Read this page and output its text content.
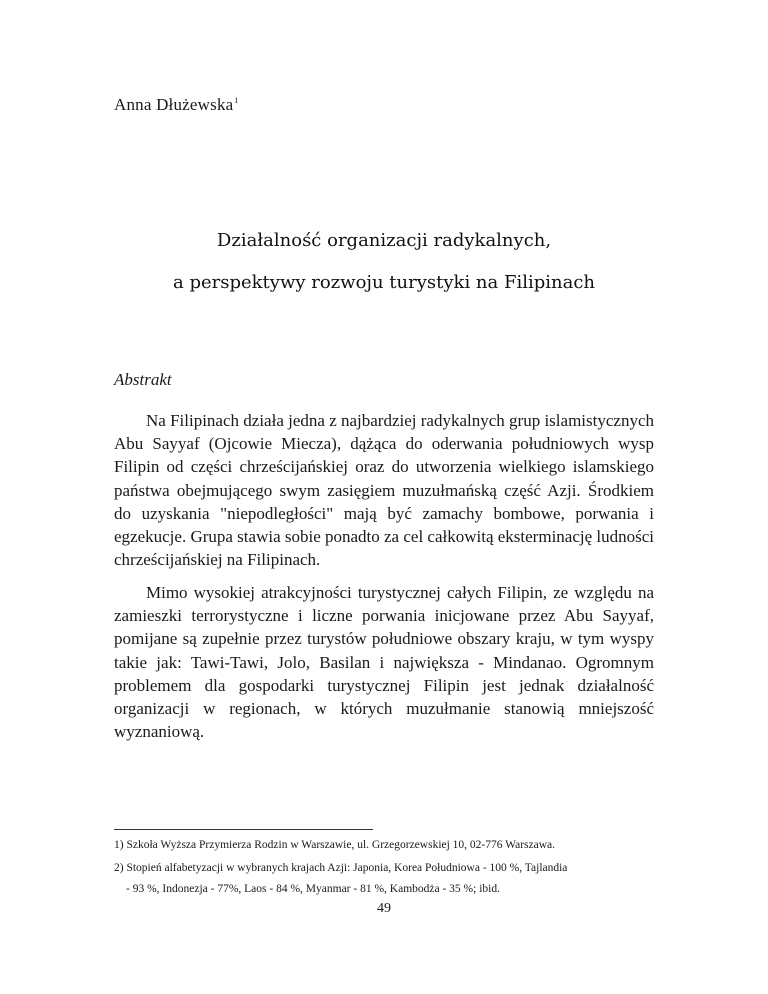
Anna Dłużewska$^1$
Działalność organizacji radykalnych,
a perspektywy rozwoju turystyki na Filipinach
Abstrakt

Na Filipinach działa jedna z najbardziej radykalnych grup islamistycznych Abu Sayyaf (Ojcowie Miecza), dążąca do oderwania południowych wysp Filipin od części chrześcijańskiej oraz do utworzenia wielkiego islamskiego państwa obejmującego swym zasięgiem muzułmańską część Azji. Środkiem do uzyskania "niepodległości" mają być zamachy bombowe, porwania i egzekucje. Grupa stawia sobie ponadto za cel całkowitą eksterminację ludności chrześcijańskiej na Filipinach.

Mimo wysokiej atrakcyjności turystycznej całych Filipin, ze względu na zamieszki terrorystyczne i liczne porwania inicjowane przez Abu Sayyaf, pomijane są zupełnie przez turystów południowe obszary kraju, w tym wyspy takie jak: Tawi-Tawi, Jolo, Basilan i największa - Mindanao. Ogromnym problemem dla gospodarki turystycznej Filipin jest jednak działalność organizacji w regionach, w których muzułmanie stanowią mniejszość wyznaniową.

1) Szkoła Wyższa Przymierza Rodzin w Warszawie, ul. Grzegorzewskiej 10, 02-776 Warszawa.
2) Stopień alfabetyzacji w wybranych krajach Azji: Japonia, Korea Południowa - 100 %, Tajlandia
- 93 %, Indonezja - 77%, Laos - 84 %, Myanmar - 81 %, Kambodża - 35 %; ibid.
49
